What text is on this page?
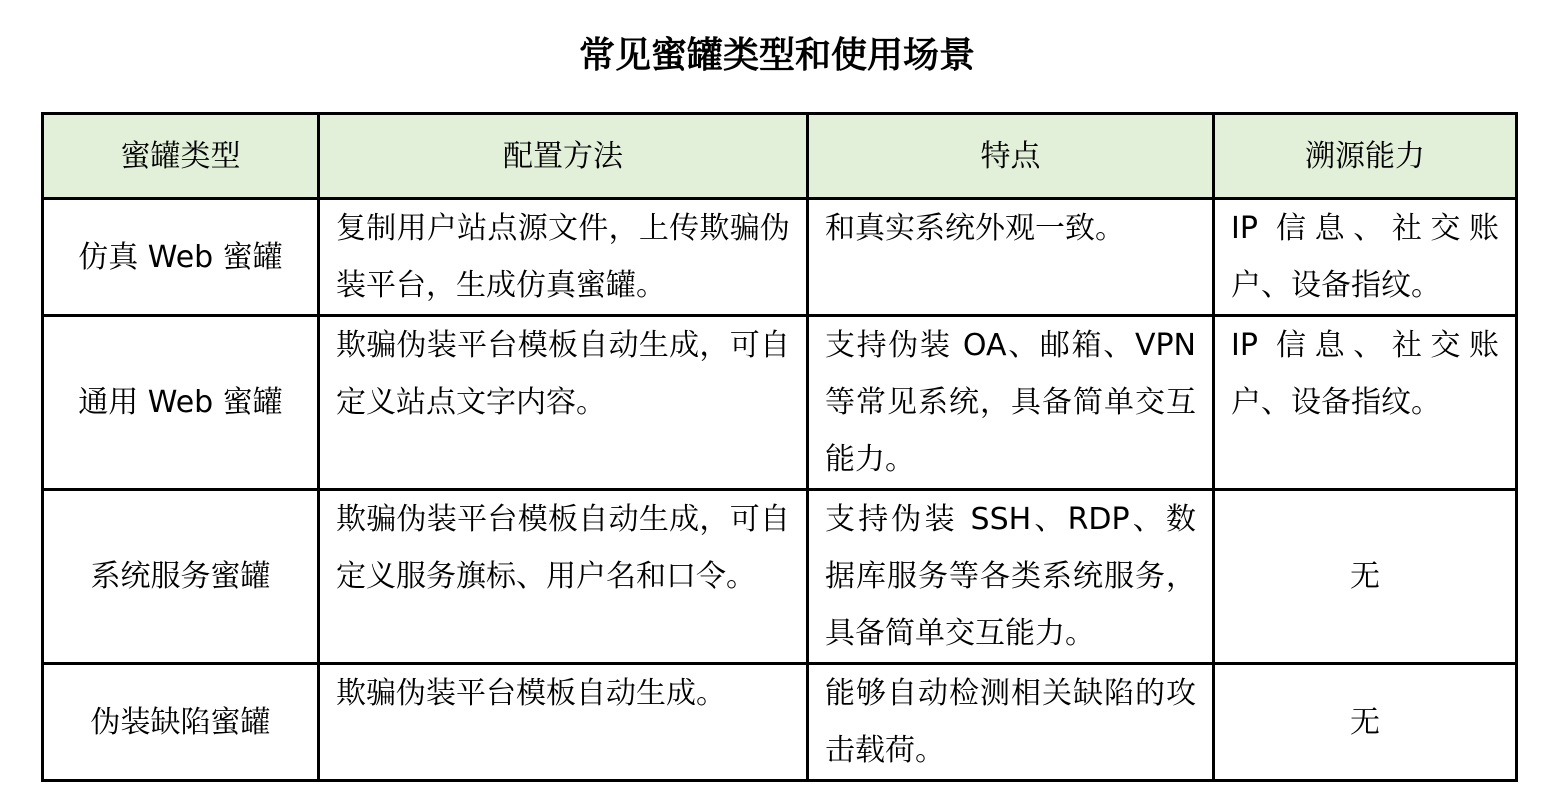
常见蜜罐类型和使用场景
蜜罐类型	配置方法	特点	溯源能力
仿真 Web 蜜罐	复制用户站点源文件，上传欺骗伪装平台，生成仿真蜜罐。	和真实系统外观一致。	IP 信息、社交账户、设备指纹。
通用 Web 蜜罐	欺骗伪装平台模板自动生成，可自定义站点文字内容。	支持伪装 OA、邮箱、VPN 等常见系统，具备简单交互能力。	IP 信息、社交账户、设备指纹。
系统服务蜜罐	欺骗伪装平台模板自动生成，可自定义服务旗标、用户名和口令。	支持伪装 SSH、RDP、数据库服务等各类系统服务，具备简单交互能力。	无
伪装缺陷蜜罐	欺骗伪装平台模板自动生成。	能够自动检测相关缺陷的攻击载荷。	无
